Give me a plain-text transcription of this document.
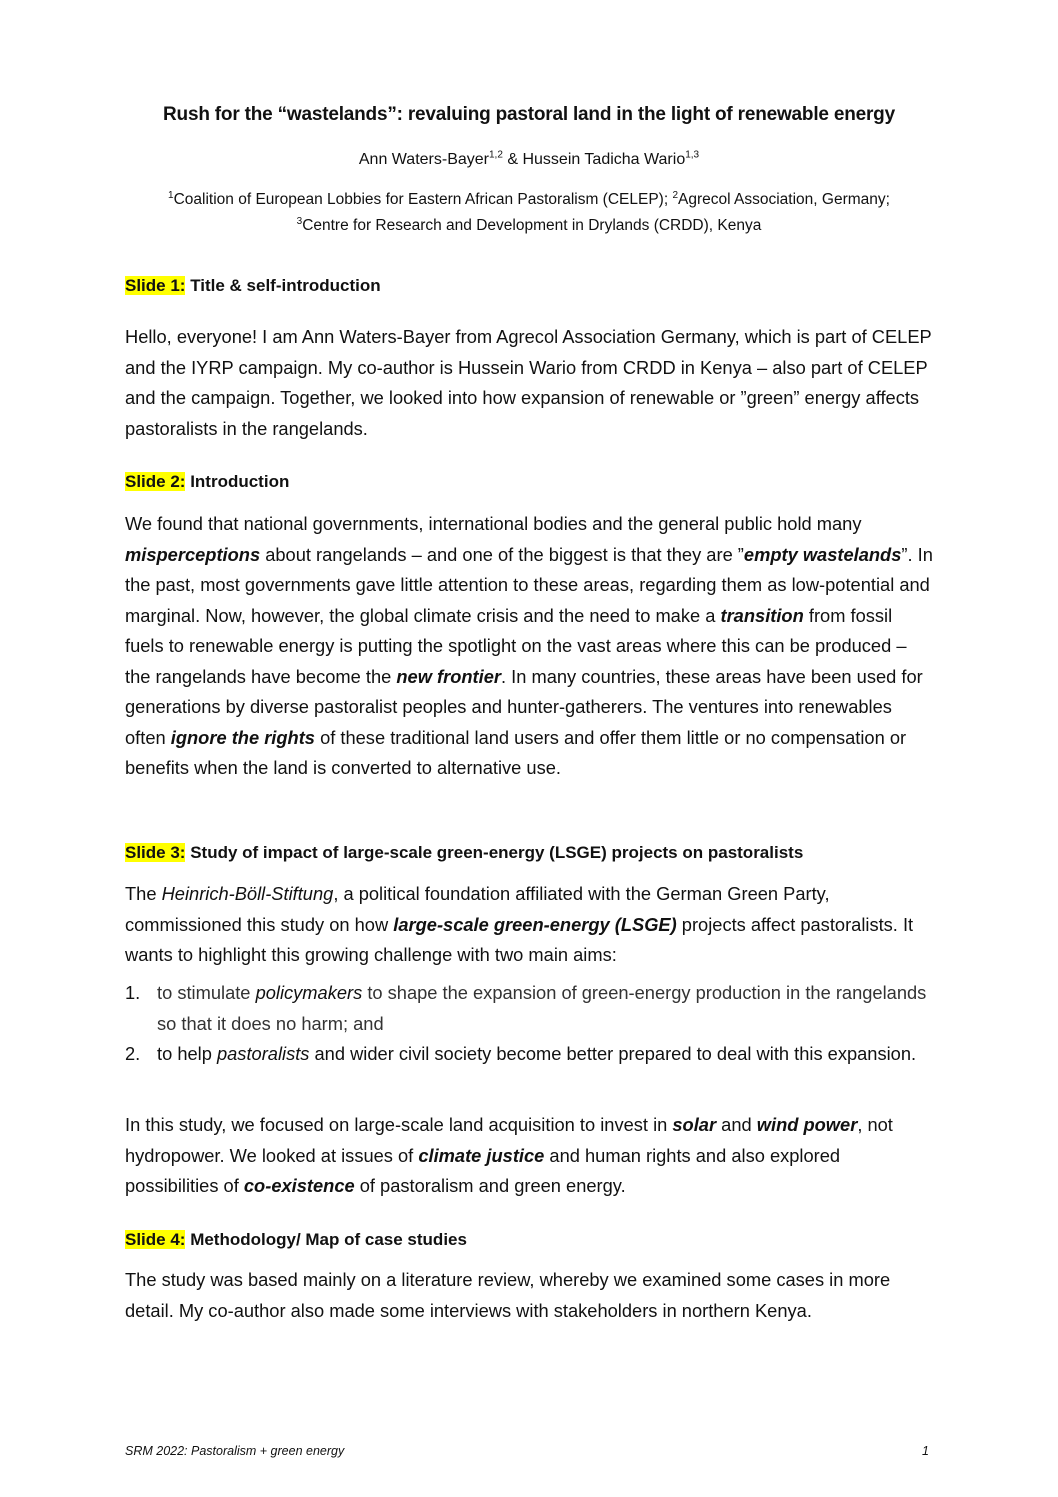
Rush for the “wastelands”: revaluing pastoral land in the light of renewable energy
Ann Waters-Bayer$^{1,2}$ & Hussein Tadicha Wario$^{1,3}$
$^1$Coalition of European Lobbies for Eastern African Pastoralism (CELEP); $^2$Agrecol Association, Germany;
$^3$Centre for Research and Development in Drylands (CRDD), Kenya
Slide 1: Title & self-introduction

Hello, everyone! I am Ann Waters-Bayer from Agrecol Association Germany, which is part of CELEP and the IYRP campaign. My co-author is Hussein Wario from CRDD in Kenya – also part of CELEP and the campaign. Together, we looked into how expansion of renewable or ”green” energy affects pastoralists in the rangelands.

Slide 2: Introduction

We found that national governments, international bodies and the general public hold many misperceptions about rangelands – and one of the biggest is that they are ”empty wastelands”. In the past, most governments gave little attention to these areas, regarding them as low-potential and marginal. Now, however, the global climate crisis and the need to make a transition from fossil fuels to renewable energy is putting the spotlight on the vast areas where this can be produced – the rangelands have become the new frontier. In many countries, these areas have been used for generations by diverse pastoralist peoples and hunter-gatherers. The ventures into renewables often ignore the rights of these traditional land users and offer them little or no compensation or benefits when the land is converted to alternative use.

Slide 3: Study of impact of large-scale green-energy (LSGE) projects on pastoralists

The Heinrich-Böll-Stiftung, a political foundation affiliated with the German Green Party, commissioned this study on how large-scale green-energy (LSGE) projects affect pastoralists. It wants to highlight this growing challenge with two main aims:

1. to stimulate policymakers to shape the expansion of green-energy production in the rangelands so that it does no harm; and
2. to help pastoralists and wider civil society become better prepared to deal with this expansion.

In this study, we focused on large-scale land acquisition to invest in solar and wind power, not hydropower. We looked at issues of climate justice and human rights and also explored possibilities of co-existence of pastoralism and green energy.

Slide 4: Methodology/ Map of case studies

The study was based mainly on a literature review, whereby we examined some cases in more detail. My co-author also made some interviews with stakeholders in northern Kenya.

SRM 2022: Pastoralism + green energy	1
